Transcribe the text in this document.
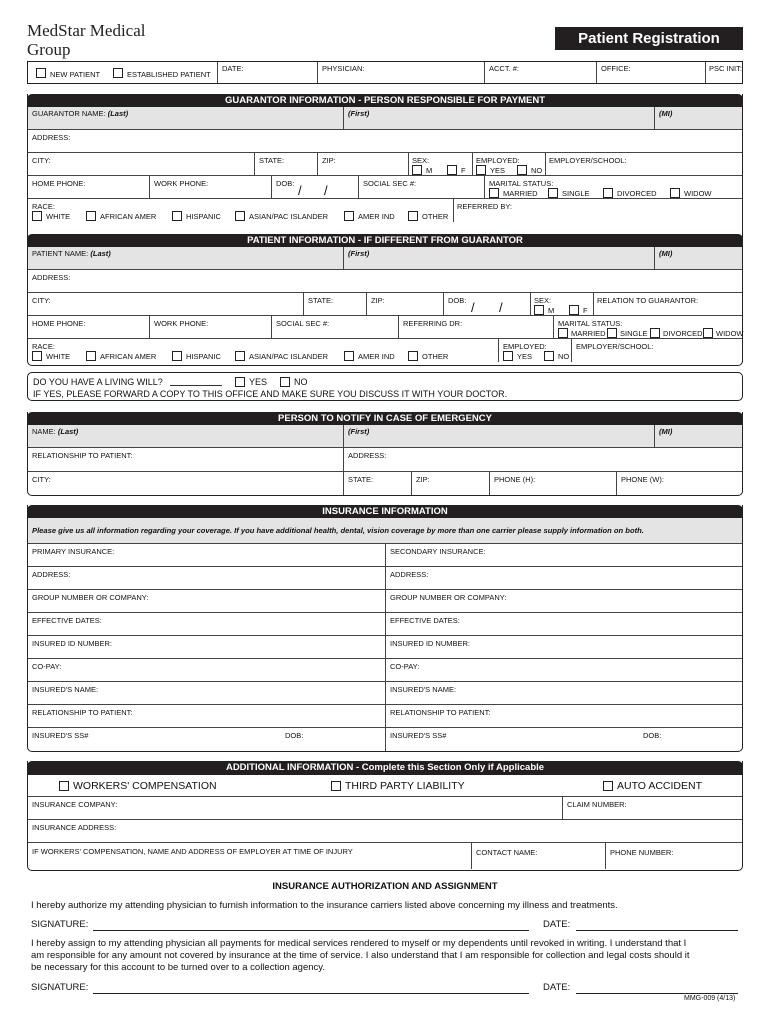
MedStar Medical
Group
Patient Registration
NEW PATIENT	ESTABLISHED PATIENT
DATE:	PHYSICIAN:	ACCT. #:	OFFICE:	PSC INIT:
GUARANTOR INFORMATION - PERSON RESPONSIBLE FOR PAYMENT
GUARANTOR NAME: (Last)	(First)	(MI)
ADDRESS:
CITY:	STATE:	ZIP:	SEX:
M	F
EMPLOYED:
YES	NO
EMPLOYER/SCHOOL:
HOME PHONE:	WORK PHONE:	DOB: / /	SOCIAL SEC #:	MARITAL STATUS:
MARRIED	SINGLE	DIVORCED	WIDOW
RACE:
WHITE	AFRICAN AMER	HISPANIC	ASIAN/PAC ISLANDER	AMER IND	OTHER
REFERRED BY:
PATIENT INFORMATION - IF DIFFERENT FROM GUARANTOR
PATIENT NAME: (Last)	(First)	(MI)
ADDRESS:
CITY:	STATE:	ZIP:	DOB: / /	SEX:
M	F
RELATION TO GUARANTOR:
HOME PHONE:	WORK PHONE:	SOCIAL SEC #:	REFERRING DR:	MARITAL STATUS:
MARRIED SINGLE DIVORCED WIDOW
RACE:
WHITE	AFRICAN AMER	HISPANIC	ASIAN/PAC ISLANDER	AMER IND	OTHER
EMPLOYED:
YES	NO
EMPLOYER/SCHOOL:
DO YOU HAVE A LIVING WILL?	YES	NO
IF YES, PLEASE FORWARD A COPY TO THIS OFFICE AND MAKE SURE YOU DISCUSS IT WITH YOUR DOCTOR.
PERSON TO NOTIFY IN CASE OF EMERGENCY
NAME: (Last)	(First)	(MI)
RELATIONSHIP TO PATIENT:	ADDRESS:
CITY:	STATE:	ZIP:	PHONE (H):	PHONE (W):
INSURANCE INFORMATION
Please give us all information regarding your coverage. If you have additional health, dental, vision coverage by more than one carrier please supply information on both.
PRIMARY INSURANCE:	SECONDARY INSURANCE:
ADDRESS:	ADDRESS:
GROUP NUMBER OR COMPANY:	GROUP NUMBER OR COMPANY:
EFFECTIVE DATES:	EFFECTIVE DATES:
INSURED ID NUMBER:	INSURED ID NUMBER:
CO-PAY:	CO-PAY:
INSURED'S NAME:	INSURED'S NAME:
RELATIONSHIP TO PATIENT:	RELATIONSHIP TO PATIENT:
INSURED'S SS#	DOB:	INSURED'S SS#	DOB:
ADDITIONAL INFORMATION - Complete this Section Only if Applicable
WORKERS' COMPENSATION	THIRD PARTY LIABILITY	AUTO ACCIDENT
INSURANCE COMPANY:	CLAIM NUMBER:
INSURANCE ADDRESS:
IF WORKERS' COMPENSATION, NAME AND ADDRESS OF EMPLOYER AT TIME OF INJURY	CONTACT NAME:	PHONE NUMBER:
INSURANCE AUTHORIZATION AND ASSIGNMENT
I hereby authorize my attending physician to furnish information to the insurance carriers listed above concerning my illness and treatments.
SIGNATURE:	DATE:
I hereby assign to my attending physician all payments for medical services rendered to myself or my dependents until revoked in writing. I understand that I
am responsible for any amount not covered by insurance at the time of service. I also understand that I am responsible for collection and legal costs should it
be necessary for this account to be turned over to a collection agency.
SIGNATURE:	DATE:
MMG-009 (4/13)
